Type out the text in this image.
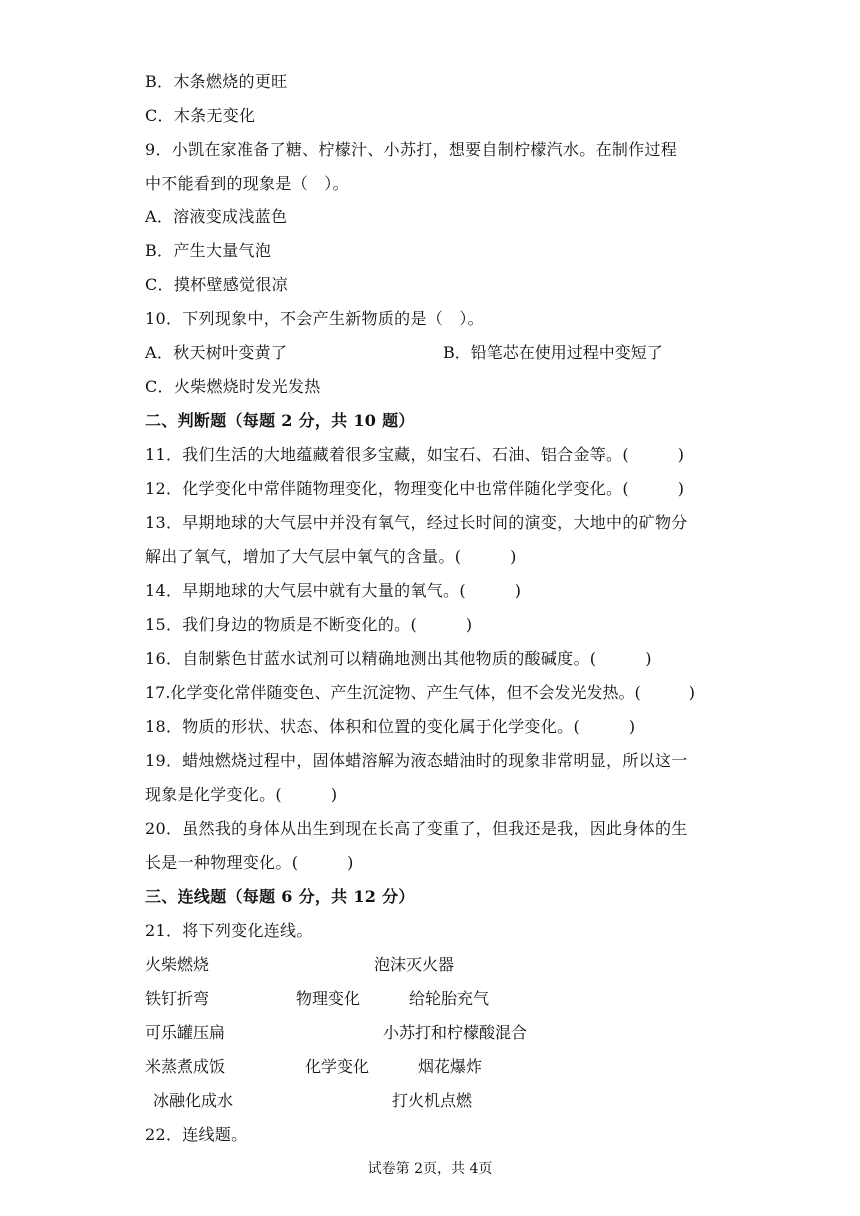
B．木条燃烧的更旺
C．木条无变化
9．小凯在家准备了糖、柠檬汁、小苏打，想要自制柠檬汽水。在制作过程
中不能看到的现象是（　）。
A．溶液变成浅蓝色
B．产生大量气泡
C．摸杯壁感觉很凉
10．下列现象中，不会产生新物质的是（　）。
A．秋天树叶变黄了	B．铅笔芯在使用过程中变短了
C．火柴燃烧时发光发热
二、判断题（每题 2 分，共 10 题）
11．我们生活的大地蕴藏着很多宝藏，如宝石、石油、铝合金等。(　　　)
12．化学变化中常伴随物理变化，物理变化中也常伴随化学变化。(　　　)
13．早期地球的大气层中并没有氧气，经过长时间的演变，大地中的矿物分
解出了氧气，增加了大气层中氧气的含量。(　　　)
14．早期地球的大气层中就有大量的氧气。(　　　)
15．我们身边的物质是不断变化的。(　　　)
16．自制紫色甘蓝水试剂可以精确地测出其他物质的酸碱度。(　　　)
17.化学变化常伴随变色、产生沉淀物、产生气体，但不会发光发热。(　　　)
18．物质的形状、状态、体积和位置的变化属于化学变化。(　　　)
19．蜡烛燃烧过程中，固体蜡溶解为液态蜡油时的现象非常明显，所以这一
现象是化学变化。(　　　)
20．虽然我的身体从出生到现在长高了变重了，但我还是我，因此身体的生
长是一种物理变化。(　　　)
三、连线题（每题 6 分，共 12 分）
21．将下列变化连线。
火柴燃烧	泡沫灭火器
铁钉折弯	物理变化	给轮胎充气
可乐罐压扁	小苏打和柠檬酸混合
米蒸煮成饭	化学变化	烟花爆炸
冰融化成水	打火机点燃
22．连线题。
试卷第 2页，共 4页
